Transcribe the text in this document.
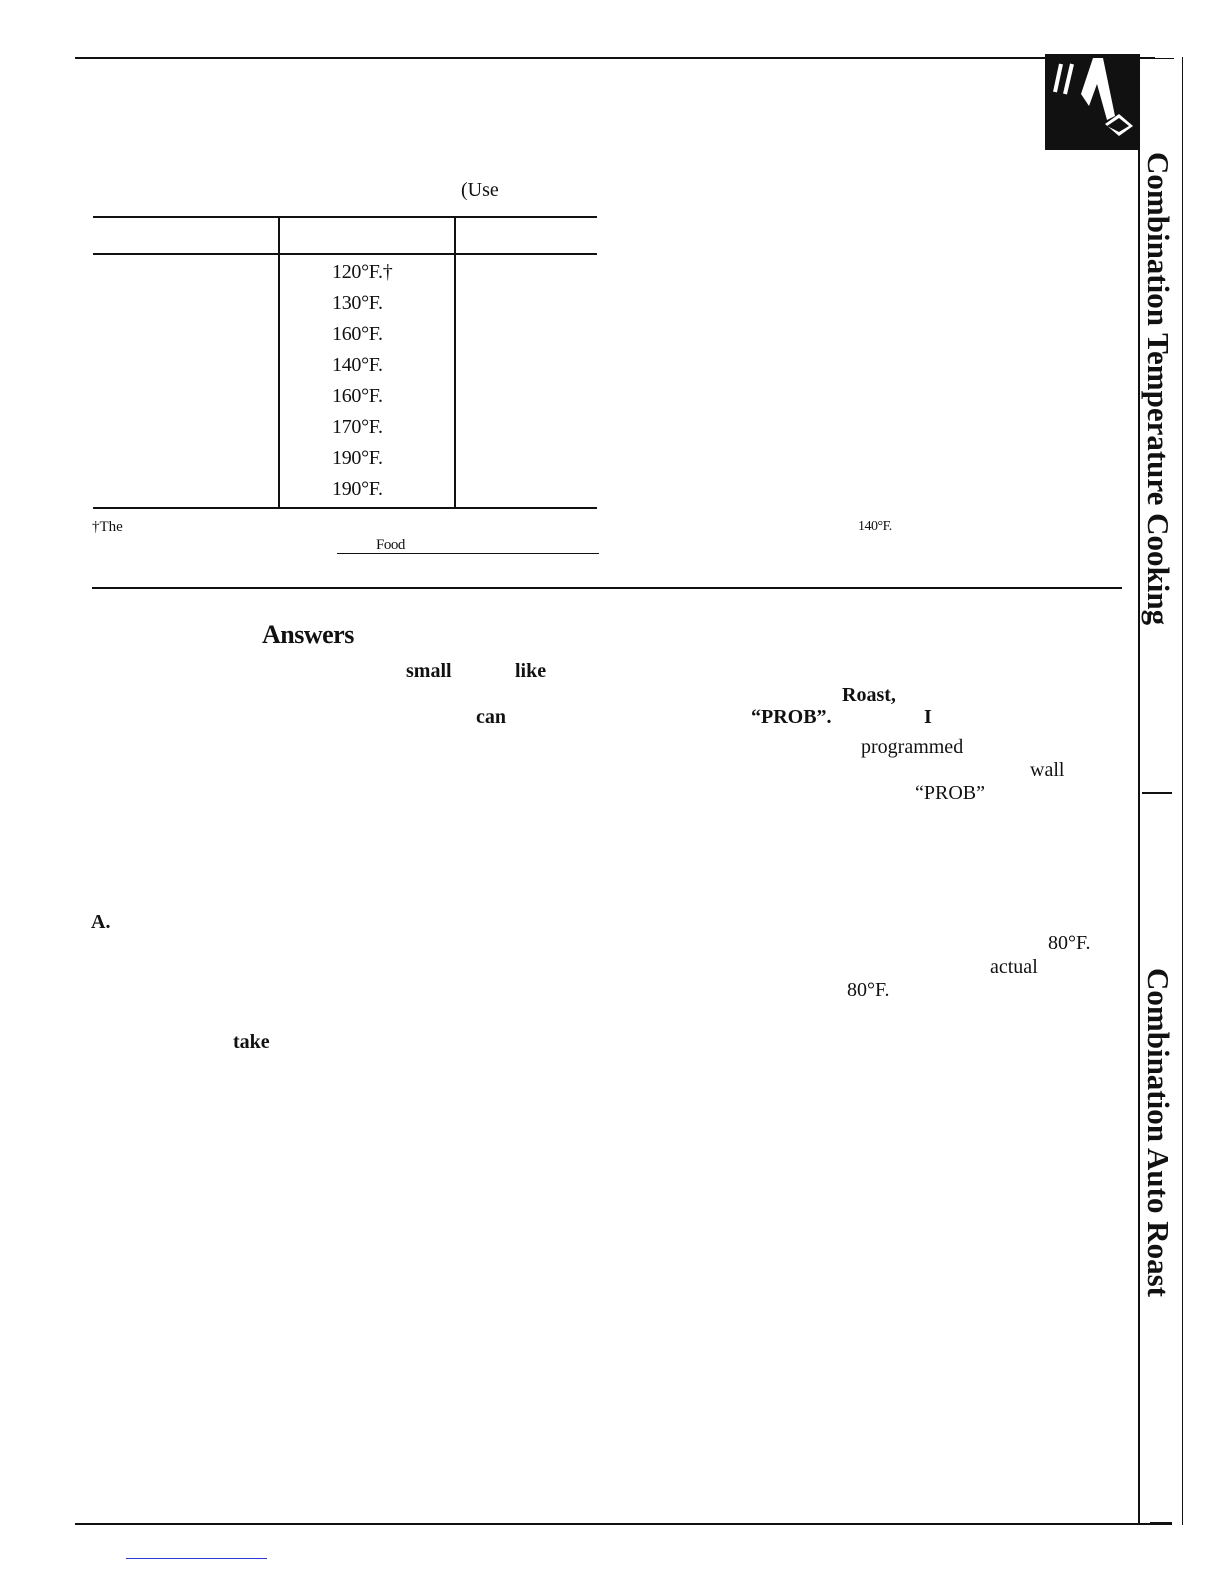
(Use
120°F.†
130°F.
160°F.
140°F.
160°F.
170°F.
190°F.
190°F.
†The	140°F.
Food
Answers
small	like
Roast,
can	“PROB”.	I
programmed
wall
“PROB”
A.
80°F.
actual
80°F.
take
Combination Temperature Cooking
Combination Auto Roast
